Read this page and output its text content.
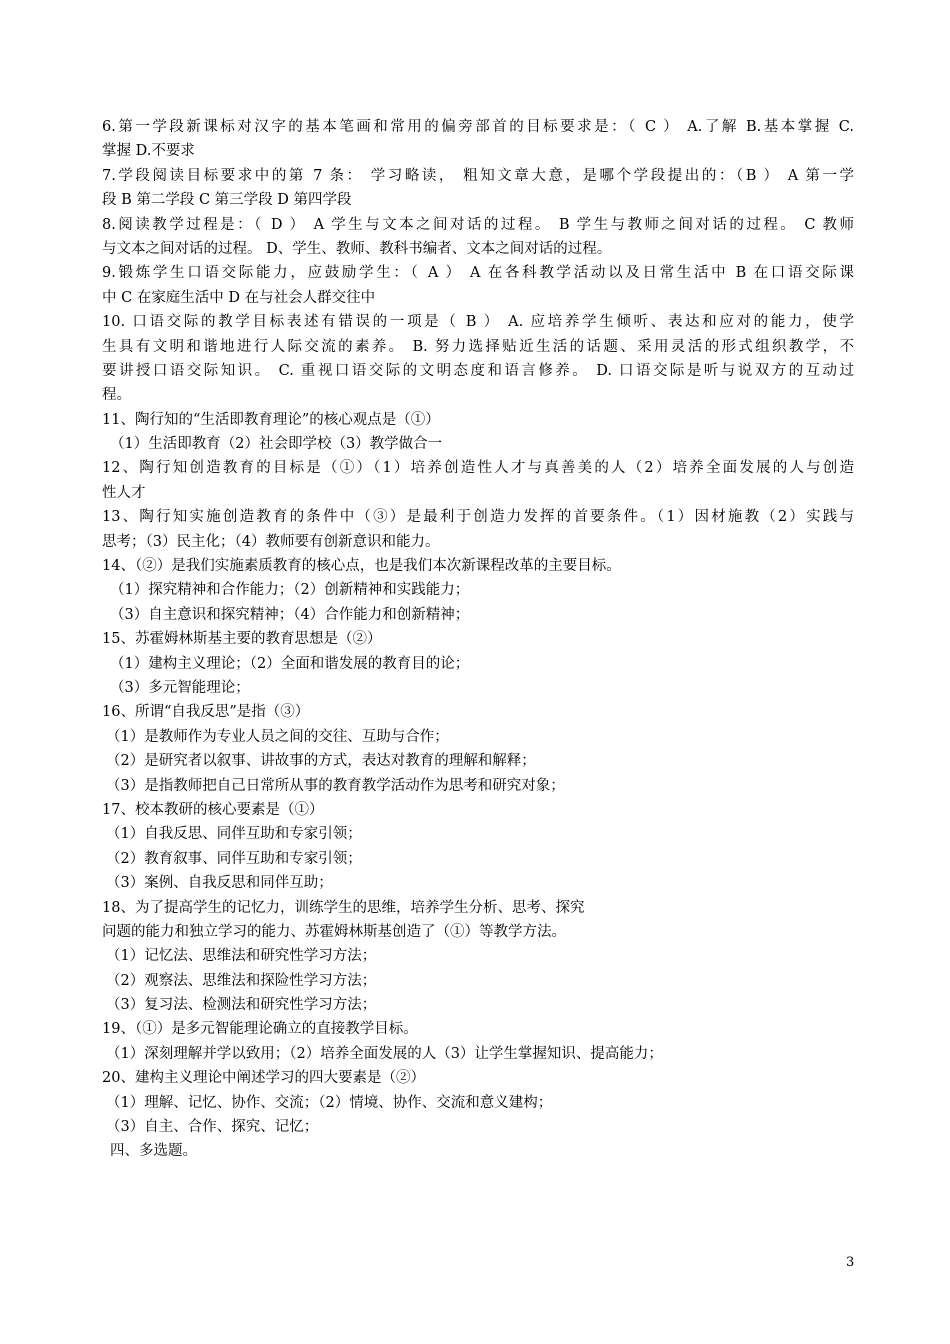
6.第一学段新课标对汉字的基本笔画和常用的偏旁部首的目标要求是：（ C ） A.了解 B.基本掌握 C.
掌握 D.不要求
7.学段阅读目标要求中的第 7 条： 学习略读， 粗知文章大意，是哪个学段提出的：（B ） A 第一学
段 B 第二学段 C 第三学段 D 第四学段
8.阅读教学过程是：（ D ） A 学生与文本之间对话的过程。 B 学生与教师之间对话的过程。 C 教师
与文本之间对话的过程。 D、学生、教师、教科书编者、文本之间对话的过程。
9.锻炼学生口语交际能力，应鼓励学生：（ A ） A 在各科教学活动以及日常生活中 B 在口语交际课
中 C 在家庭生活中 D 在与社会人群交往中
10. 口语交际的教学目标表述有错误的一项是（ B ） A. 应培养学生倾听、表达和应对的能力，使学
生具有文明和谐地进行人际交流的素养。 B. 努力选择贴近生活的话题、采用灵活的形式组织教学，不
要讲授口语交际知识。 C. 重视口语交际的文明态度和语言修养。 D. 口语交际是听与说双方的互动过
程。
11、陶行知的“生活即教育理论”的核心观点是（①）
（1）生活即教育（2）社会即学校（3）教学做合一
12、陶行知创造教育的目标是（①）（1）培养创造性人才与真善美的人（2）培养全面发展的人与创造
性人才
13、陶行知实施创造教育的条件中（③）是最利于创造力发挥的首要条件。（1）因材施教（2）实践与
思考；（3）民主化；（4）教师要有创新意识和能力。
14、（②）是我们实施素质教育的核心点，也是我们本次新课程改革的主要目标。
（1）探究精神和合作能力；（2）创新精神和实践能力；
（3）自主意识和探究精神；（4）合作能力和创新精神；
15、苏霍姆林斯基主要的教育思想是（②）
（1）建构主义理论；（2）全面和谐发展的教育目的论；
（3）多元智能理论；
16、所谓“自我反思”是指（③）
（1）是教师作为专业人员之间的交往、互助与合作；
（2）是研究者以叙事、讲故事的方式，表达对教育的理解和解释；
（3）是指教师把自己日常所从事的教育教学活动作为思考和研究对象；
17、校本教研的核心要素是（①）
（1）自我反思、同伴互助和专家引领；
（2）教育叙事、同伴互助和专家引领；
（3）案例、自我反思和同伴互助；
18、为了提高学生的记忆力，训练学生的思维，培养学生分析、思考、探究
问题的能力和独立学习的能力、苏霍姆林斯基创造了（①）等教学方法。
（1）记忆法、思维法和研究性学习方法；
（2）观察法、思维法和探险性学习方法；
（3）复习法、检测法和研究性学习方法；
19、（①）是多元智能理论确立的直接教学目标。
（1）深刻理解并学以致用；（2）培养全面发展的人（3）让学生掌握知识、提高能力；
20、建构主义理论中阐述学习的四大要素是（②）
（1）理解、记忆、协作、交流；（2）情境、协作、交流和意义建构；
（3）自主、合作、探究、记忆；
四、多选题。
3
